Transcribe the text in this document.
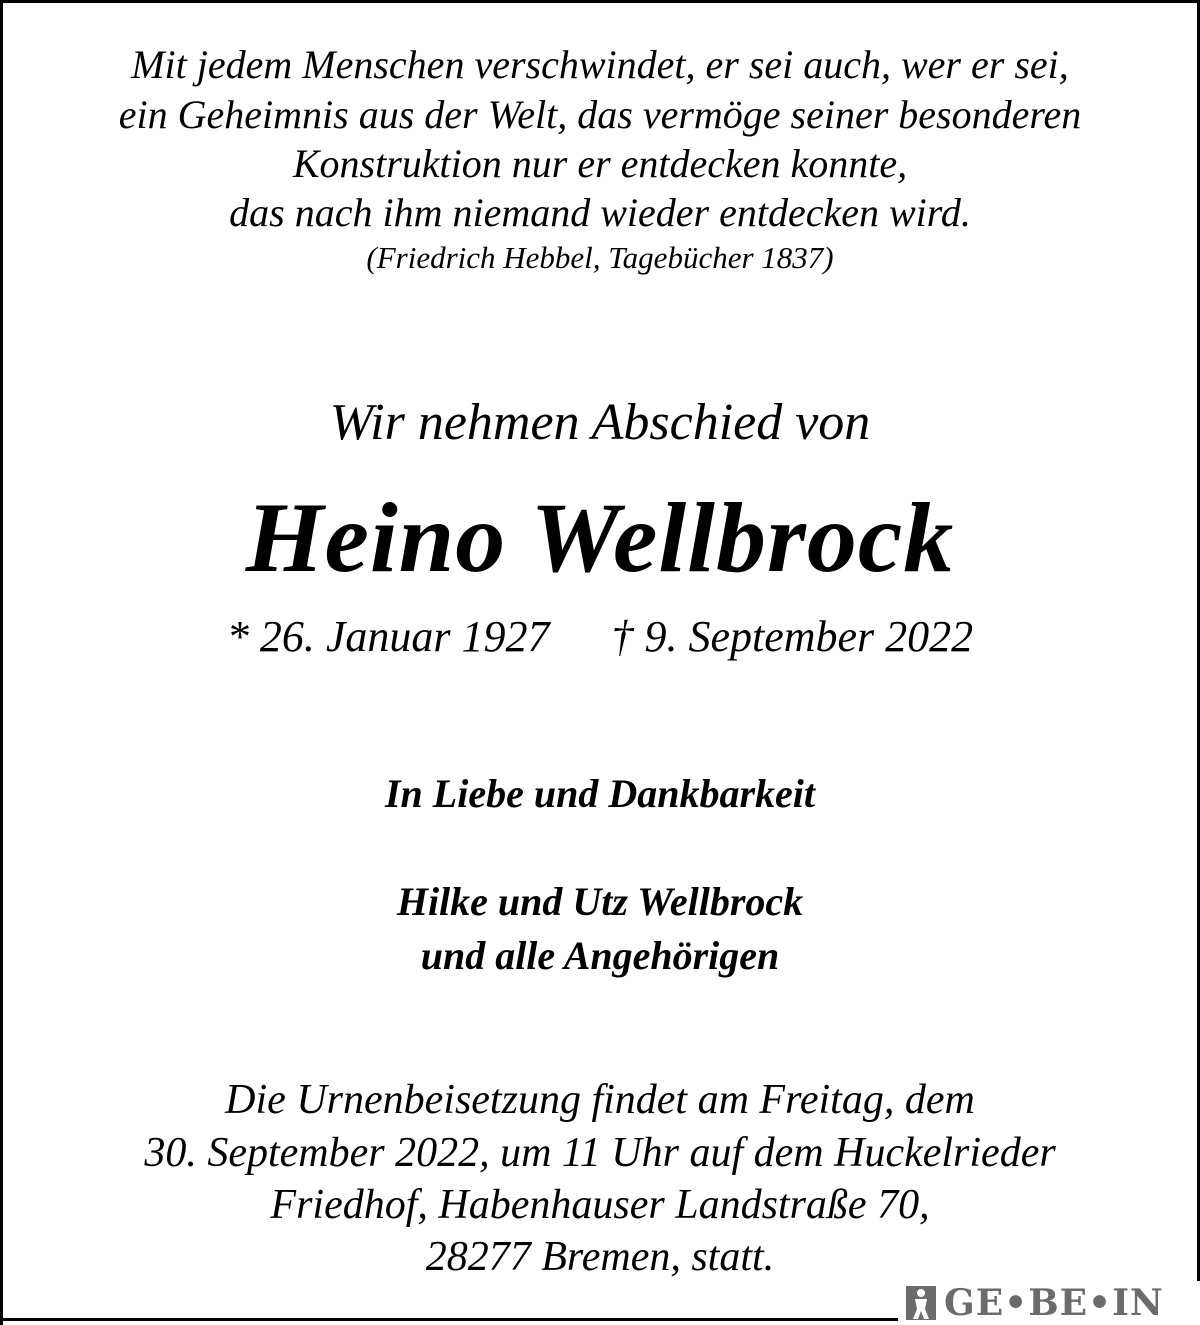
Mit jedem Menschen verschwindet, er sei auch, wer er sei,
ein Geheimnis aus der Welt, das vermöge seiner besonderen
Konstruktion nur er entdecken konnte,
das nach ihm niemand wieder entdecken wird.
(Friedrich Hebbel, Tagebücher 1837)
Wir nehmen Abschied von
Heino Wellbrock
* 26. Januar 1927 † 9. September 2022
In Liebe und Dankbarkeit
Hilke und Utz Wellbrock
und alle Angehörigen
Die Urnenbeisetzung findet am Freitag, dem
30. September 2022, um 11 Uhr auf dem Huckelrieder
Friedhof, Habenhauser Landstraße 70,
28277 Bremen, statt.
GE•BE•IN
